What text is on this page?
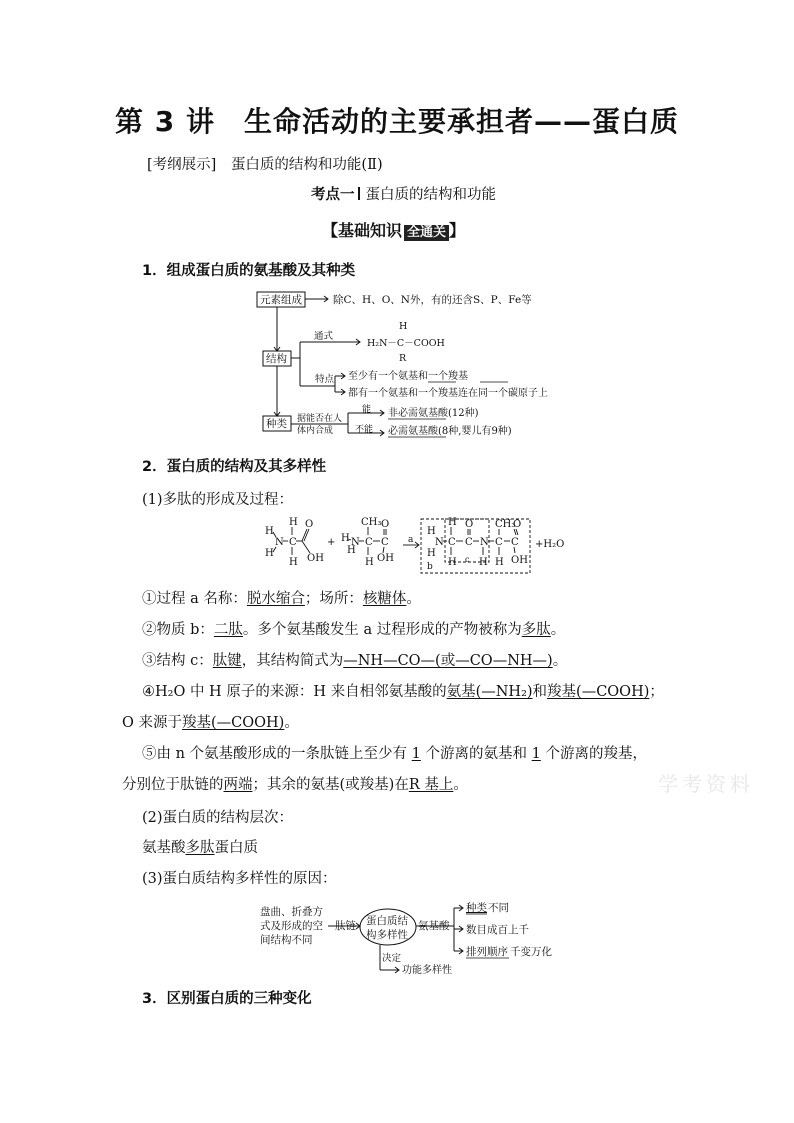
第 3 讲　生命活动的主要承担者——蛋白质
[考纲展示] 蛋白质的结构和功能(Ⅱ)
考点一 蛋白质的结构和功能
【基础知识 全通关 】
1．组成蛋白质的氨基酸及其种类
元素组成	除C、H、O、N外，有的还含S、P、Fe等
结构
通式
H
H₂N－C－COOH
R
特点 至少有一个氨基和一个羧基
都有一个氨基和一个羧基连在同一个碳原子上
种类 据能否在人
体内合成
能 非必需氨基酸(12种)
不能 必需氨基酸(8种,婴儿有9种)
2．蛋白质的结构及其多样性
(1)多肽的形成及过程：
H
H
N
H
C
H
O
OH
+ H
H
N
CH₃
C
H
C
O
OH
a
H
H
b
N
H
C
H
O
C
c
N
H
CH₃
C
H
C
O
OH
+H₂O
①过程 a 名称：脱水缩合；场所：核糖体。
②物质 b：二肽。多个氨基酸发生 a 过程形成的产物被称为多肽。
③结构 c：肽键，其结构简式为—NH—CO—(或—CO—NH—)。
④H₂O 中 H 原子的来源：H 来自相邻氨基酸的氨基(—NH₂)和羧基(—COOH)；
O 来源于羧基(—COOH)。
⑤由 n 个氨基酸形成的一条肽链上至少有 1 个游离的氨基和 1 个游离的羧基，
分别位于肽链的两端；其余的氨基(或羧基)在R 基上。	学考资料
(2)蛋白质的结构层次：
氨基酸多肽蛋白质
(3)蛋白质结构多样性的原因：
盘曲、折叠方
式及形成的空
间结构不同
肽链 蛋白质结
构多样性
氨基酸
种类 不同
数目成百上千
排列顺序 千变万化
决定
功能多样性
3．区别蛋白质的三种变化
